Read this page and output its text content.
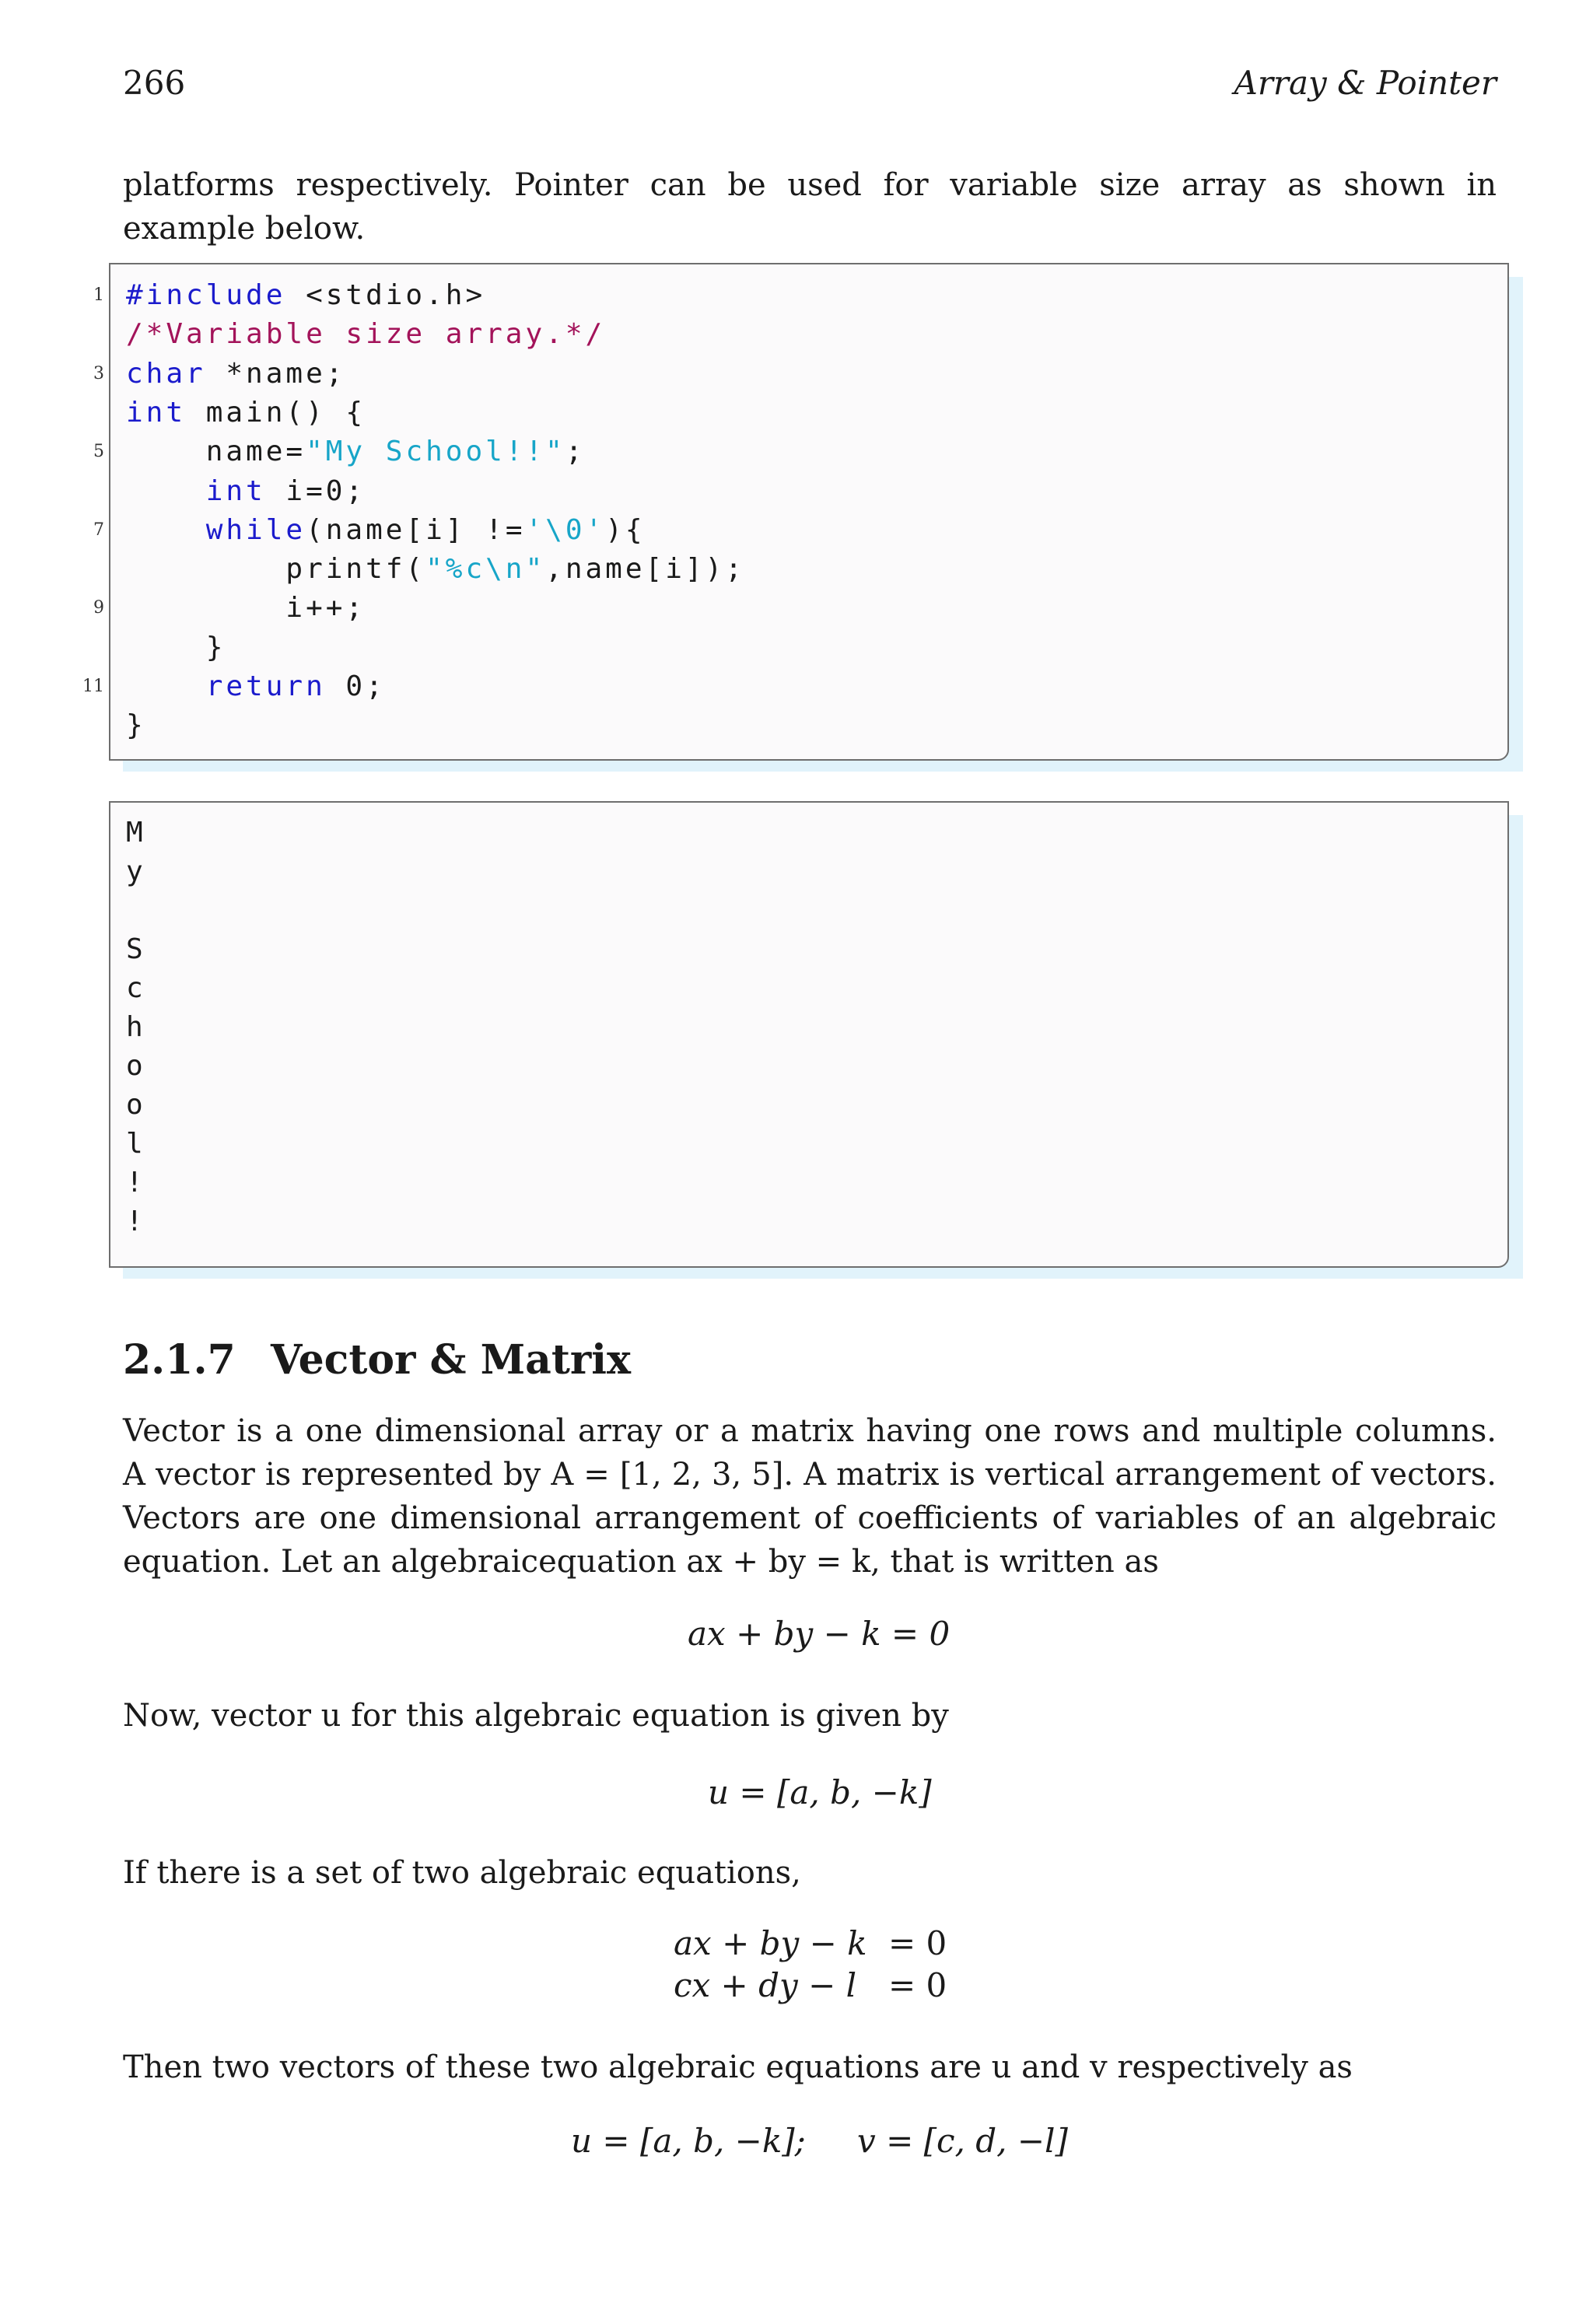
266	Array & Pointer
platforms respectively. Pointer can be used for variable size array as shown in example below.
#include <stdio.h>
/*Variable size array.*/
char *name;
int main() {
name="My School!!";
int i=0;
while(name[i] !='\0'){
printf("%c\n",name[i]);
i++;
}
return 0;
}
1
3
5
7
9
11
M
y
S
c
h
o
o
l
!
!
2.1.7 Vector & Matrix
Vector is a one dimensional array or a matrix having one rows and multiple columns. A vector is represented by A = [1, 2, 3, 5]. A matrix is vertical arrangement of vectors. Vectors are one dimensional arrangement of coefficients of variables of an algebraic equation. Let an algebraicequation ax + by = k, that is written as
ax + by − k = 0
Now, vector u for this algebraic equation is given by
u = [a, b, −k]
If there is a set of two algebraic equations,
ax + by − k = 0
cx + dy − l = 0
Then two vectors of these two algebraic equations are u and v respectively as
u = [a, b, −k]; v = [c, d, −l]
